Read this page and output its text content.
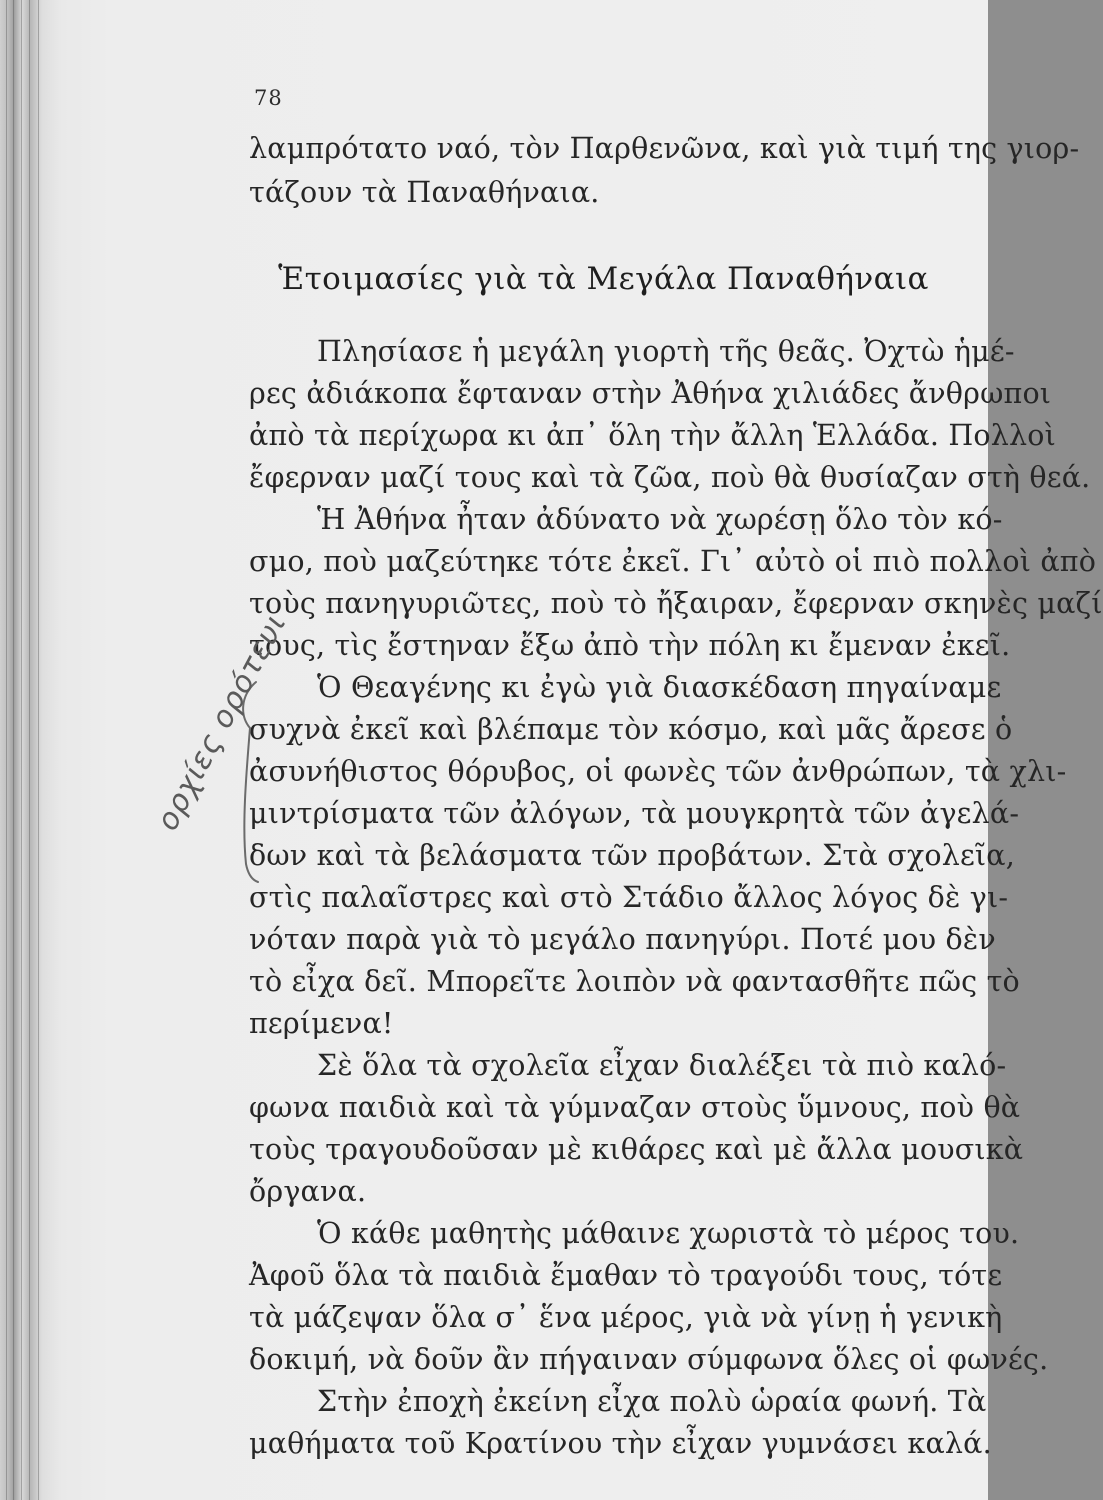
78
λαμπρότατο ναό, τὸν Παρθενῶνα, καὶ γιὰ τιμή της γιορ-
τάζουν τὰ Παναθήναια.
Ἑτοιμασίες γιὰ τὰ Μεγάλα Παναθήναια
Πλησίασε ἡ μεγάλη γιορτὴ τῆς θεᾶς. Ὀχτὼ ἡμέ-
ρες ἀδιάκοπα ἔφταναν στὴν Ἀθήνα χιλιάδες ἄνθρωποι
ἀπὸ τὰ περίχωρα κι ἀπ᾽ ὅλη τὴν ἄλλη Ἑλλάδα. Πολλοὶ
ἔφερναν μαζί τους καὶ τὰ ζῶα, ποὺ θὰ θυσίαζαν στὴ θεά.
Ἡ Ἀθήνα ἦταν ἀδύνατο νὰ χωρέσῃ ὅλο τὸν κό-
σμο, ποὺ μαζεύτηκε τότε ἐκεῖ. Γι᾽ αὐτὸ οἱ πιὸ πολλοὶ ἀπὸ
τοὺς πανηγυριῶτες, ποὺ τὸ ἤξαιραν, ἔφερναν σκηνὲς μαζί
τους, τὶς ἔστηναν ἔξω ἀπὸ τὴν πόλη κι ἔμεναν ἐκεῖ.
Ὁ Θεαγένης κι ἐγὼ γιὰ διασκέδαση πηγαίναμε
συχνὰ ἐκεῖ καὶ βλέπαμε τὸν κόσμο, καὶ μᾶς ἄρεσε ὁ
ἀσυνήθιστος θόρυβος, οἱ φωνὲς τῶν ἀνθρώπων, τὰ χλι-
μιντρίσματα τῶν ἀλόγων, τὰ μουγκρητὰ τῶν ἀγελά-
δων καὶ τὰ βελάσματα τῶν προβάτων. Στὰ σχολεῖα,
στὶς παλαῖστρες καὶ στὸ Στάδιο ἄλλος λόγος δὲ γι-
νόταν παρὰ γιὰ τὸ μεγάλο πανηγύρι. Ποτέ μου δὲν
τὸ εἶχα δεῖ. Μπορεῖτε λοιπὸν νὰ φαντασθῆτε πῶς τὸ
περίμενα!
Σὲ ὅλα τὰ σχολεῖα εἶχαν διαλέξει τὰ πιὸ καλό-
φωνα παιδιὰ καὶ τὰ γύμναζαν στοὺς ὕμνους, ποὺ θὰ
τοὺς τραγουδοῦσαν μὲ κιθάρες καὶ μὲ ἄλλα μουσικὰ
ὄργανα.
Ὁ κάθε μαθητὴς μάθαινε χωριστὰ τὸ μέρος του.
Ἀφοῦ ὅλα τὰ παιδιὰ ἔμαθαν τὸ τραγούδι τους, τότε
τὰ μάζεψαν ὅλα σ᾽ ἕνα μέρος, γιὰ νὰ γίνῃ ἡ γενικὴ
δοκιμή, νὰ δοῦν ἂν πήγαιναν σύμφωνα ὅλες οἱ φωνές.
Στὴν ἐποχὴ ἐκείνη εἶχα πολὺ ὡραία φωνή. Τὰ
μαθήματα τοῦ Κρατίνου τὴν εἶχαν γυμνάσει καλά.
ορχίες ορότευι
